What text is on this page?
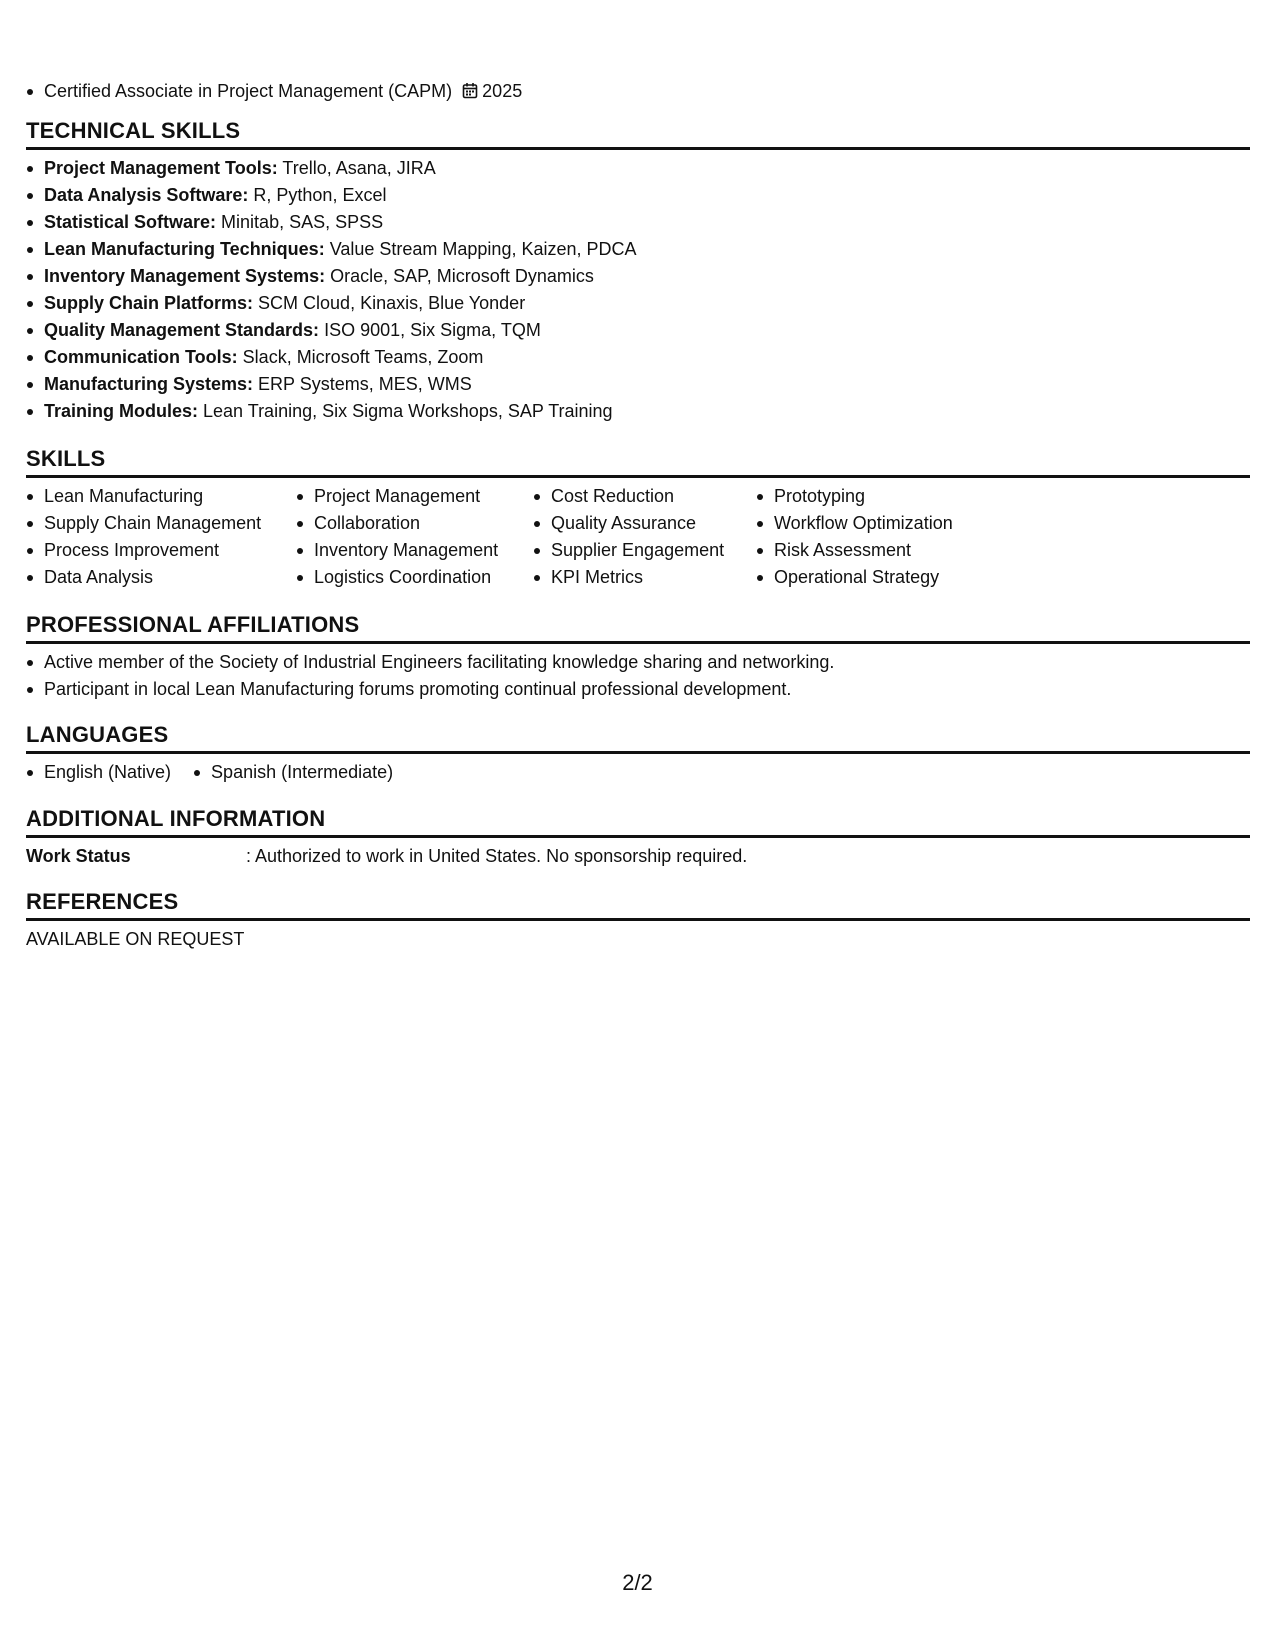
Certified Associate in Project Management (CAPM) 2025
TECHNICAL SKILLS
Project Management Tools: Trello, Asana, JIRA
Data Analysis Software: R, Python, Excel
Statistical Software: Minitab, SAS, SPSS
Lean Manufacturing Techniques: Value Stream Mapping, Kaizen, PDCA
Inventory Management Systems: Oracle, SAP, Microsoft Dynamics
Supply Chain Platforms: SCM Cloud, Kinaxis, Blue Yonder
Quality Management Standards: ISO 9001, Six Sigma, TQM
Communication Tools: Slack, Microsoft Teams, Zoom
Manufacturing Systems: ERP Systems, MES, WMS
Training Modules: Lean Training, Six Sigma Workshops, SAP Training
SKILLS
Lean Manufacturing
Supply Chain Management
Process Improvement
Data Analysis
Project Management
Collaboration
Inventory Management
Logistics Coordination
Cost Reduction
Quality Assurance
Supplier Engagement
KPI Metrics
Prototyping
Workflow Optimization
Risk Assessment
Operational Strategy
PROFESSIONAL AFFILIATIONS
Active member of the Society of Industrial Engineers facilitating knowledge sharing and networking.
Participant in local Lean Manufacturing forums promoting continual professional development.
LANGUAGES
English (Native)	Spanish (Intermediate)
ADDITIONAL INFORMATION
Work Status	: Authorized to work in United States. No sponsorship required.
REFERENCES
AVAILABLE ON REQUEST
2/2
